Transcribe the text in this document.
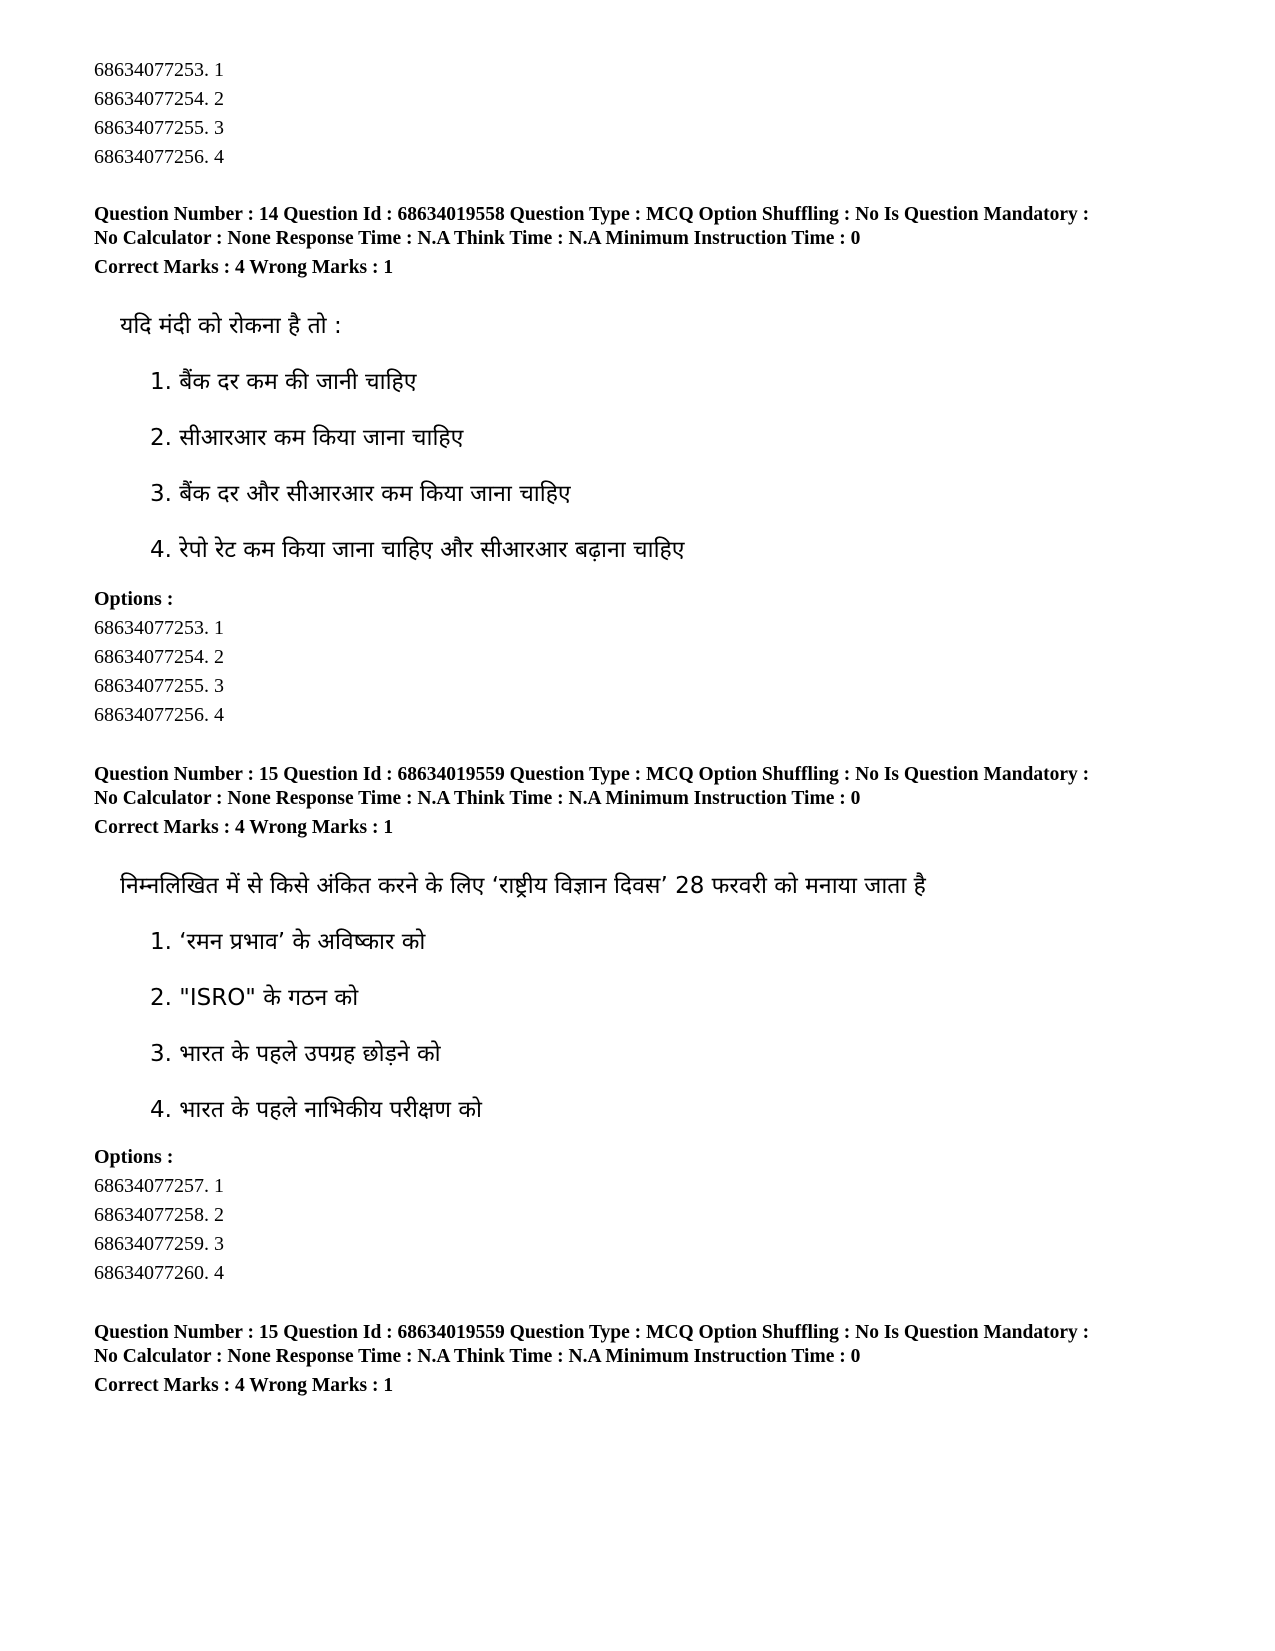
68634077253. 1
68634077254. 2
68634077255. 3
68634077256. 4
Question Number : 14 Question Id : 68634019558 Question Type : MCQ Option Shuffling : No Is Question Mandatory :
No Calculator : None Response Time : N.A Think Time : N.A Minimum Instruction Time : 0
Correct Marks : 4 Wrong Marks : 1
यदि मंदी को रोकना है तो :
1. बैंक दर कम की जानी चाहिए
2. सीआरआर कम किया जाना चाहिए
3. बैंक दर और सीआरआर कम किया जाना चाहिए
4. रेपो रेट कम किया जाना चाहिए और सीआरआर बढ़ाना चाहिए
Options :
68634077253. 1
68634077254. 2
68634077255. 3
68634077256. 4
Question Number : 15 Question Id : 68634019559 Question Type : MCQ Option Shuffling : No Is Question Mandatory :
No Calculator : None Response Time : N.A Think Time : N.A Minimum Instruction Time : 0
Correct Marks : 4 Wrong Marks : 1
निम्नलिखित में से किसे अंकित करने के लिए ‘राष्ट्रीय विज्ञान दिवस’ 28 फरवरी को मनाया जाता है
1. ‘रमन प्रभाव’ के अविष्कार को
2. "ISRO" के गठन को
3. भारत के पहले उपग्रह छोड़ने को
4. भारत के पहले नाभिकीय परीक्षण को
Options :
68634077257. 1
68634077258. 2
68634077259. 3
68634077260. 4
Question Number : 15 Question Id : 68634019559 Question Type : MCQ Option Shuffling : No Is Question Mandatory :
No Calculator : None Response Time : N.A Think Time : N.A Minimum Instruction Time : 0
Correct Marks : 4 Wrong Marks : 1
